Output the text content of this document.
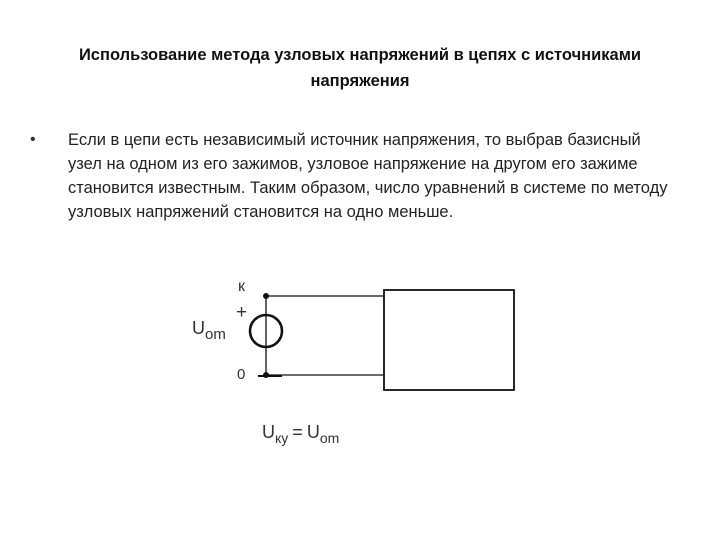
Использование метода узловых напряжений в цепях с источниками напряжения
• Если в цепи есть независимый источник напряжения, то выбрав базисный узел на одном из его зажимов, узловое напряжение на другом его зажиме становится известным. Таким образом, число уравнений в системе по методу узловых напряжений становится на одно меньше.
к
+
0
$U_{om}$
$U_{ку} = U_{om}$
